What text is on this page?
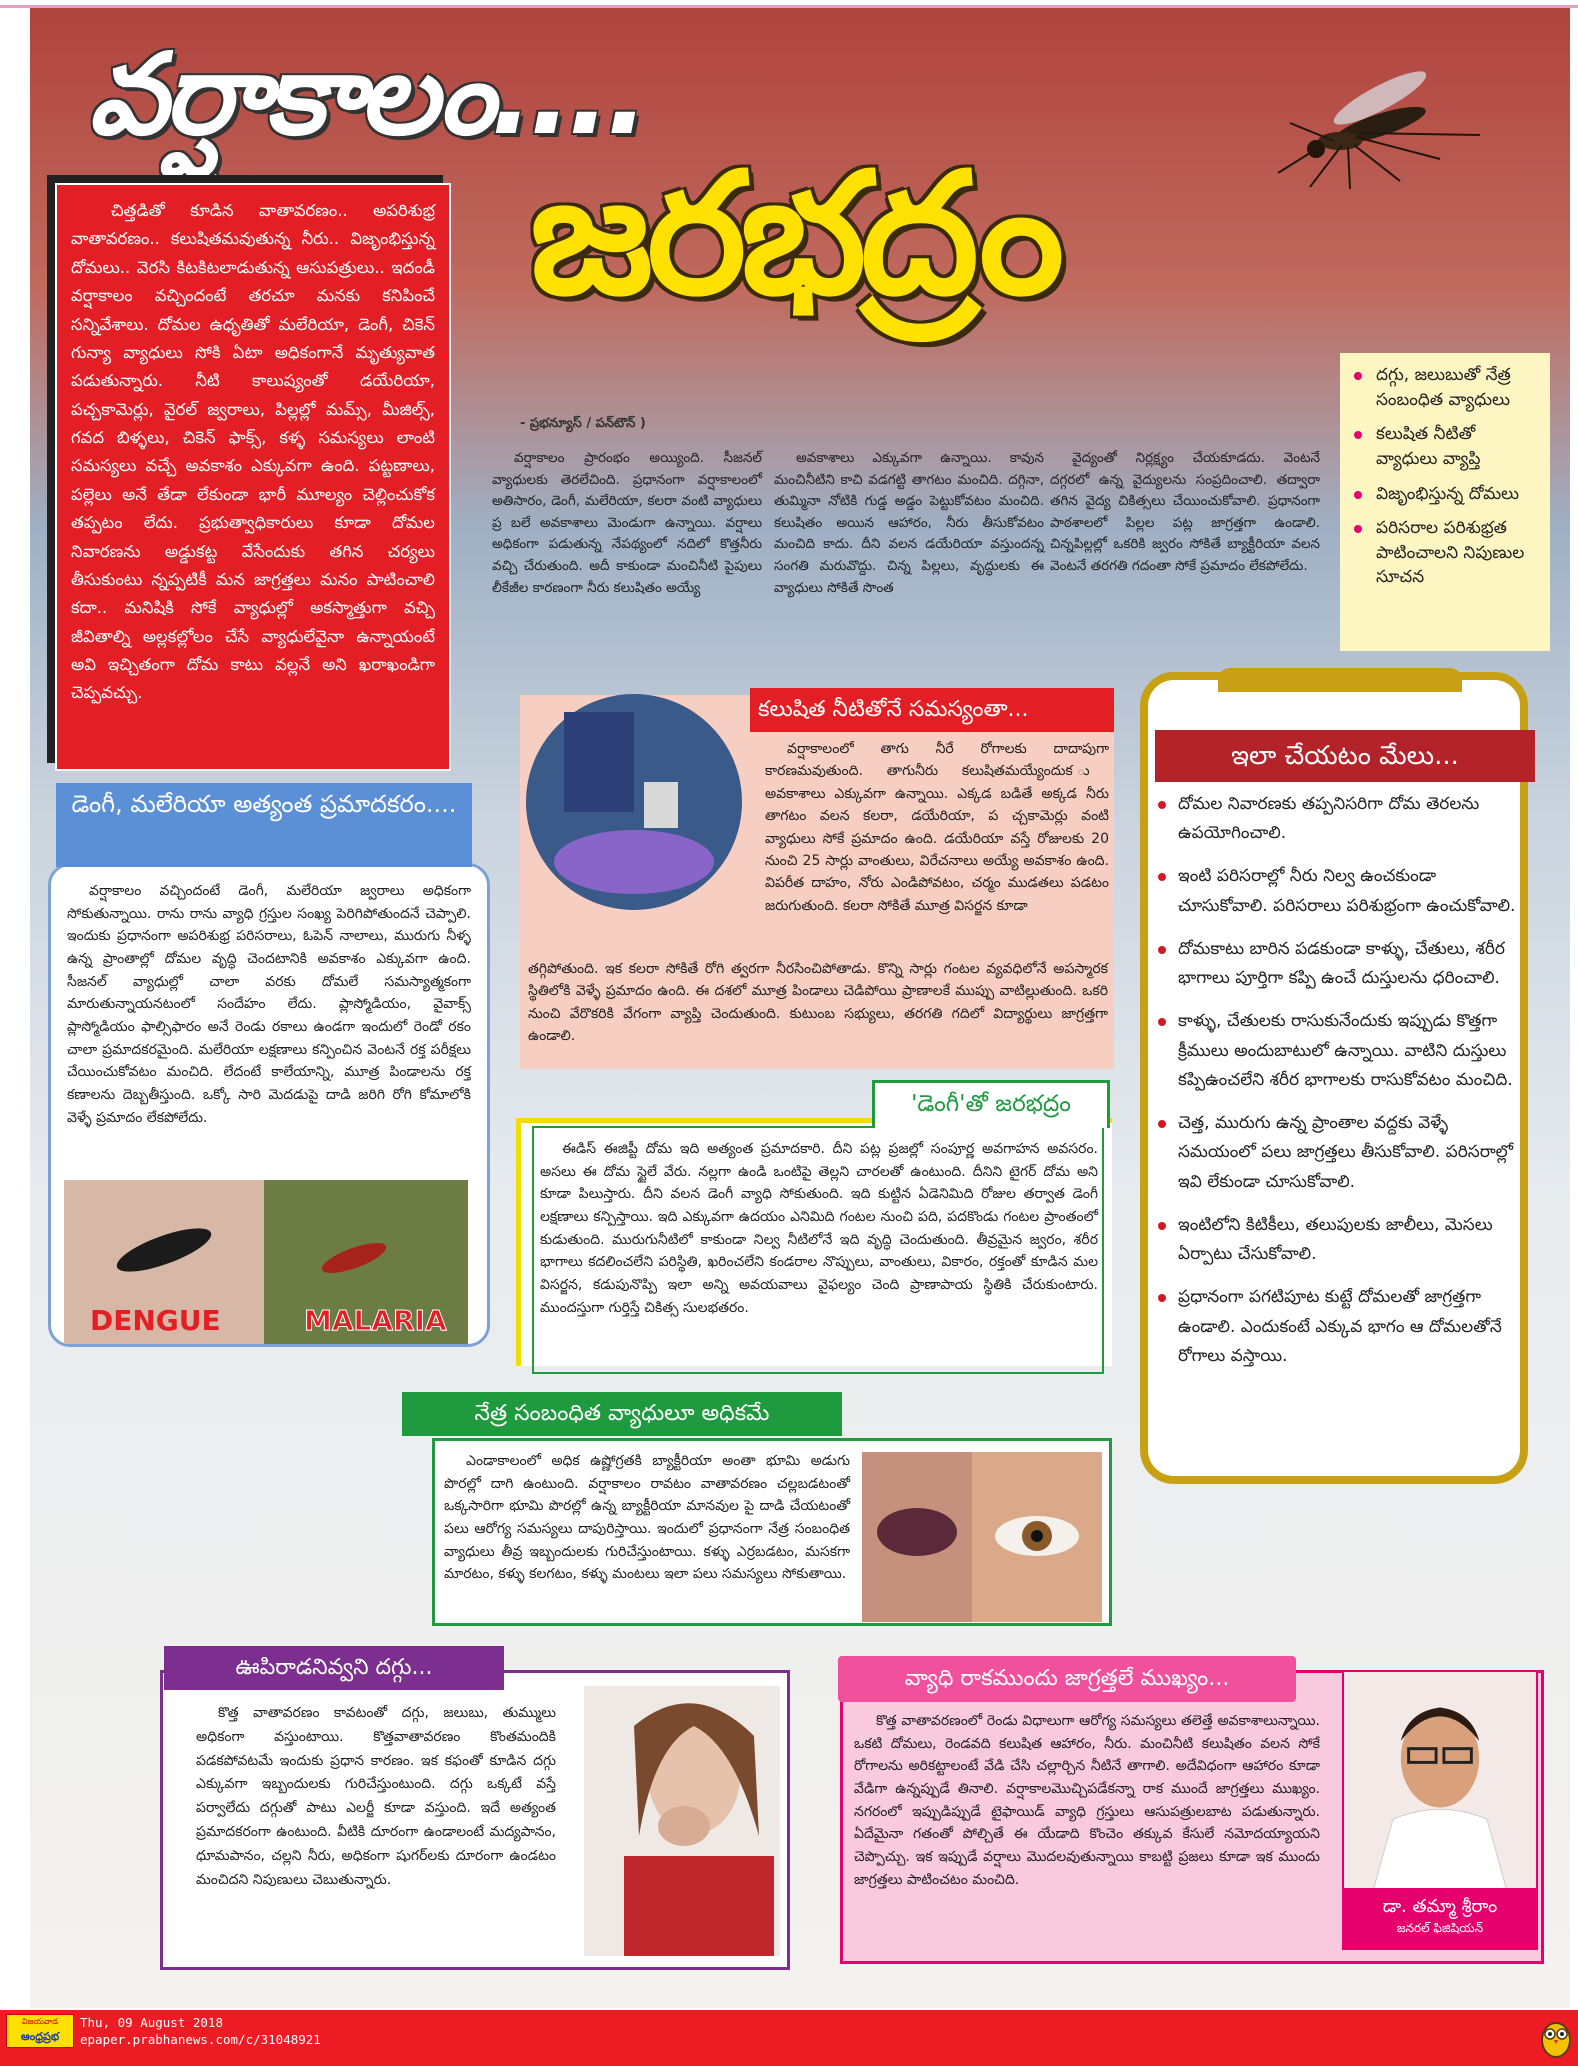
వర్షాకాలం....
జరభద్రం

చిత్తడితో కూడిన వాతావరణం.. అపరిశుభ్ర వాతావరణం.. కలుషితమవుతున్న నీరు.. విజృంభిస్తున్న దోమలు.. వెరసి కిటకిటలాడుతున్న ఆసుపత్రులు.. ఇదండీ వర్షాకాలం వచ్చిందంటే తరచూ మనకు కనిపించే సన్నివేశాలు. దోమల ఉధృతితో మలేరియా, డెంగీ, చికెన్ గున్యా వ్యాధులు సోకి ఏటా అధికంగానే మృత్యువాత పడుతున్నారు. నీటి కాలుష్యంతో డయేరియా, పచ్చకామెర్లు, వైరల్ జ్వరాలు, పిల్లల్లో మమ్స్, మీజిల్స్, గవద బిళ్ళలు, చికెన్ ఫాక్స్, కళ్ళ సమస్యలు లాంటి సమస్యలు వచ్చే అవకాశం ఎక్కువగా ఉంది. పట్టణాలు, పల్లెలు అనే తేడా లేకుండా భారీ మూల్యం చెల్లించుకోక తప్పటం లేదు. ప్రభుత్వాధికారులు కూడా దోమల నివారణను అడ్డుకట్ట వేసేందుకు తగిన చర్యలు తీసుకుంటు న్నప్పటికీ మన జాగ్రత్తలు మనం పాటించాలి కదా.. మనిషికి సోకే వ్యాధుల్లో అకస్మాత్తుగా వచ్చి జీవితాల్ని అల్లకల్లోలం చేసే వ్యాధులేవైనా ఉన్నాయంటే అవి ఇచ్చితంగా దోమ కాటు వల్లనే అని ఖరాఖండిగా చెప్పవచ్చు.

- ప్రభన్యూస్ / పన్‌టౌన్ )

వర్షాకాలం ప్రారంభం అయ్యింది. సీజనల్ వ్యాధులకు తెరలేచింది. ప్రధానంగా వర్షాకాలంలో అతిసారం, డెంగీ, మలేరియా, కలరా వంటి వ్యాధులు ప్ర బలే అవకాశాలు మెండుగా ఉన్నాయి. వర్షాలు అధికంగా పడుతున్న నేపథ్యంలో నదిలో కొత్తనీరు వచ్చి చేరుతుంది. అదీ కాకుండా మంచినీటి పైపులు లీకేజీల కారణంగా నీరు కలుషితం అయ్యే

అవకాశాలు ఎక్కువగా ఉన్నాయి. కావున మంచినీటిని కాచి వడగట్టి తాగటం మంచిది. దగ్గినా, తుమ్మినా నోటికి గుడ్డ అడ్డం పెట్టుకోవటం మంచిది. కలుషితం అయిన ఆహారం, నీరు తీసుకోవటం మంచిది కాదు. దీని వలన డయేరియా వస్తుందన్న సంగతి మరువొద్దు. చిన్న పిల్లలు, వృద్ధులకు ఈ వ్యాధులు సోకితే సొంత

వైద్యంతో నిర్లక్ష్యం చేయకూడదు. వెంటనే దగ్గరలో ఉన్న వైద్యులను సంప్రదించాలి. తద్వారా తగిన వైద్య చికిత్సలు చేయించుకోవాలి. ప్రధానంగా పాఠశాలలో పిల్లల పట్ల జాగ్రత్తగా ఉండాలి. చిన్నపిల్లల్లో ఒకరికి జ్వరం సోకితే బ్యాక్టీరియా వలన వెంటనే తరగతి గదంతా సోకే ప్రమాదం లేకపోలేదు.

దగ్గు, జలుబుతో నేత్ర సంబంధిత వ్యాధులు
కలుషిత నీటితో వ్యాధులు వ్యాప్తి
విజృంభిస్తున్న దోమలు
పరిసరాల పరిశుభ్రత పాటించాలని నిపుణుల సూచన

వర్షాకాలం వచ్చిందంటే డెంగీ, మలేరియా జ్వరాలు అధికంగా సోకుతున్నాయి. రాను రాను వ్యాధి గ్రస్తుల సంఖ్య పెరిగిపోతుందనే చెప్పాలి. ఇందుకు ప్రధానంగా అపరిశుభ్ర పరిసరాలు, ఓపెన్ నాలాలు, మురుగు నీళ్ళ ఉన్న ప్రాంతాల్లో దోమల వృద్ధి చెందటానికి అవకాశం ఎక్కువగా ఉంది. సీజనల్ వ్యాధుల్లో చాలా వరకు దోమలే సమస్యాత్మకంగా మారుతున్నాయనటంలో సందేహం లేదు. ప్లాస్మోడియం, వైవాక్స్ ప్లాస్మోడియం ఫాల్సిఫారం అనే రెండు రకాలు ఉండగా ఇందులో రెండో రకం చాలా ప్రమాదకరమైంది. మలేరియా లక్షణాలు కన్పించిన వెంటనే రక్త పరీక్షలు చేయించుకోవటం మంచిది. లేదంటే కాలేయాన్ని, మూత్ర పిండాలను రక్త కణాలను దెబ్బతీస్తుంది. ఒక్కో సారి మెదడుపై దాడి జరిగి రోగి కోమాలోకి వెళ్ళే ప్రమాదం లేకపోలేదు.

డెంగీ, మలేరియా అత్యంత ప్రమాదకరం....
DENGUE	MALARIA
కలుషిత నీటితోనే సమస్యంతా...

వర్షాకాలంలో తాగు నీరే రోగాలకు దాదాపుగా కారణమవుతుంది. తాగునీరు కలుషితమయ్యేందుక ు అవకాశాలు ఎక్కువగా ఉన్నాయి. ఎక్కడ బడితే అక్కడ నీరు తాగటం వలన కలరా, డయేరియా, ప చ్చకామెర్లు వంటి వ్యాధులు సోకే ప్రమాదం ఉంది. డయేరియా వస్తే రోజులకు 20 నుంచి 25 సార్లు వాంతులు, విరేచనాలు అయ్యే అవకాశం ఉంది. విపరీత దాహం, నోరు ఎండిపోవటం, చర్మం ముడతలు పడటం జరుగుతుంది. కలరా సోకితే మూత్ర విసర్జన కూడా

తగ్గిపోతుంది. ఇక కలరా సోకితే రోగి త్వరగా నీరసించిపోతాడు. కొన్ని సార్లు గంటల వ్యవధిలోనే అపస్మారక స్థితిలోకి వెళ్ళే ప్రమాదం ఉంది. ఈ దశలో మూత్ర పిండాలు చెడిపోయి ప్రాణాలకే ముప్పు వాటిల్లుతుంది. ఒకరి నుంచి వేరొకరికి వేగంగా వ్యాప్తి చెందుతుంది. కుటుంబ సభ్యులు, తరగతి గదిలో విద్యార్థులు జాగ్రత్తగా ఉండాలి.

'డెంగీ'తో జరభద్రం

ఈడిస్ ఈజిప్టీ దోమ ఇది అత్యంత ప్రమాదకారి. దీని పట్ల ప్రజల్లో సంపూర్ణ అవగాహన అవసరం. అసలు ఈ దోమ స్టైలే వేరు. నల్లగా ఉండి ఒంటిపై తెల్లని చారలతో ఉంటుంది. దీనిని టైగర్ దోమ అని కూడా పిలుస్తారు. దీని వలన డెంగీ వ్యాధి సోకుతుంది. ఇది కుట్టిన ఏడెనిమిది రోజుల తర్వాత డెంగీ లక్షణాలు కన్పిస్తాయి. ఇది ఎక్కువగా ఉదయం ఎనిమిది గంటల నుంచి పది, పదకొండు గంటల ప్రాంతంలో కుడుతుంది. మురుగునీటిలో కాకుండా నిల్వ నీటిలోనే ఇది వృద్ధి చెందుతుంది. తీవ్రమైన జ్వరం, శరీర భాగాలు కదలించలేని పరిస్థితి, ఖరించలేని కండరాల నొప్పులు, వాంతులు, వికారం, రక్తంతో కూడిన మల విసర్జన, కడుపునొప్పి ఇలా అన్ని అవయవాలు వైఫల్యం చెంది ప్రాణాపాయ స్థితికి చేరుకుంటారు. ముందస్తుగా గుర్తిస్తే చికిత్స సులభతరం.

నేత్ర సంబంధిత వ్యాధులూ అధికమే

ఎండాకాలంలో అధిక ఉష్ణోగ్రతకి బ్యాక్టీరియా అంతా భూమి అడుగు పొరల్లో దాగి ఉంటుంది. వర్షాకాలం రావటం వాతావరణం చల్లబడటంతో ఒక్కసారిగా భూమి పొరల్లో ఉన్న బ్యాక్టీరియా మానవుల పై దాడి చేయటంతో పలు ఆరోగ్య సమస్యలు దాపురిస్తాయి. ఇందులో ప్రధానంగా నేత్ర సంబంధిత వ్యాధులు తీవ్ర ఇబ్బందులకు గురిచేస్తుంటాయి. కళ్ళు ఎర్రబడటం, మసకగా మారటం, కళ్ళు కలగటం, కళ్ళు మంటలు ఇలా పలు సమస్యలు సోకుతాయి.

ఇలా చేయటం మేలు...
దోమల నివారణకు తప్పనిసరిగా దోమ తెరలను ఉపయోగించాలి.
ఇంటి పరిసరాల్లో నీరు నిల్వ ఉంచకుండా చూసుకోవాలి. పరిసరాలు పరిశుభ్రంగా ఉంచుకోవాలి.
దోమకాటు బారిన పడకుండా కాళ్ళు, చేతులు, శరీర భాగాలు పూర్తిగా కప్పి ఉంచే దుస్తులను ధరించాలి.
కాళ్ళు, చేతులకు రాసుకునేందుకు ఇప్పుడు కొత్తగా క్రీములు అందుబాటులో ఉన్నాయి. వాటిని దుస్తులు కప్పిఉంచలేని శరీర భాగాలకు రాసుకోవటం మంచిది.
చెత్త, మురుగు ఉన్న ప్రాంతాల వద్దకు వెళ్ళే సమయంలో పలు జాగ్రత్తలు తీసుకోవాలి. పరిసరాల్లో ఇవి లేకుండా చూసుకోవాలి.
ఇంటిలోని కిటికీలు, తలుపులకు జాలీలు, మెసలు ఏర్పాటు చేసుకోవాలి.
ప్రధానంగా పగటిపూట కుట్టే దోమలతో జాగ్రత్తగా ఉండాలి. ఎందుకంటే ఎక్కువ భాగం ఆ దోమలతోనే రోగాలు వస్తాయి.
ఊపిరాడనివ్వని దగ్గు...

కొత్త వాతావరణం కావటంతో దగ్గు, జలుబు, తుమ్ములు అధికంగా వస్తుంటాయి. కొత్తవాతావరణం కొంతమందికి పడకపోవటమే ఇందుకు ప్రధాన కారణం. ఇక కఫంతో కూడిన దగ్గు ఎక్కువగా ఇబ్బందులకు గురిచేస్తుంటుంది. దగ్గు ఒక్కటే వస్తే పర్వాలేదు దగ్గుతో పాటు ఎలర్జీ కూడా వస్తుంది. ఇదే అత్యంత ప్రమాదకరంగా ఉంటుంది. వీటికి దూరంగా ఉండాలంటే మద్యపానం, ధూమపానం, చల్లని నీరు, అధికంగా షుగర్‌లకు దూరంగా ఉండటం మంచిదని నిపుణులు చెబుతున్నారు.

వ్యాధి రాకముందు జాగ్రత్తలే ముఖ్యం...

కొత్త వాతావరణంలో రెండు విధాలుగా ఆరోగ్య సమస్యలు తలెత్తే అవకాశాలున్నాయి. ఒకటి దోమలు, రెండవది కలుషిత ఆహారం, నీరు. మంచినీటి కలుషితం వలన సోకే రోగాలను అరికట్టాలంటే వేడి చేసి చల్లార్చిన నీటినే తాగాలి. అదేవిధంగా ఆహారం కూడా వేడిగా ఉన్నప్పుడే తినాలి. వర్షాకాలమొచ్చిపడేకన్నా రాక ముందే జాగ్రత్తలు ముఖ్యం. నగరంలో ఇప్పుడిప్పుడే టైఫాయిడ్ వ్యాధి గ్రస్తులు ఆసుపత్రులబాట పడుతున్నారు. ఏదేమైనా గతంతో పోల్చితే ఈ యేడాది కొంచెం తక్కువ కేసులే నమోదయ్యాయని చెప్పొచ్చు. ఇక ఇప్పుడే వర్షాలు మొదలవుతున్నాయి కాబట్టి ప్రజలు కూడా ఇక ముందు జాగ్రత్తలు పాటించటం మంచిది.

డా. తమ్మా శ్రీరాం
జనరల్ ఫిజిషియన్
విజయవాడ
ఆంధ్రప్రభ
Thu, 09 August 2018
epaper.prabhanews.com/c/31048921
